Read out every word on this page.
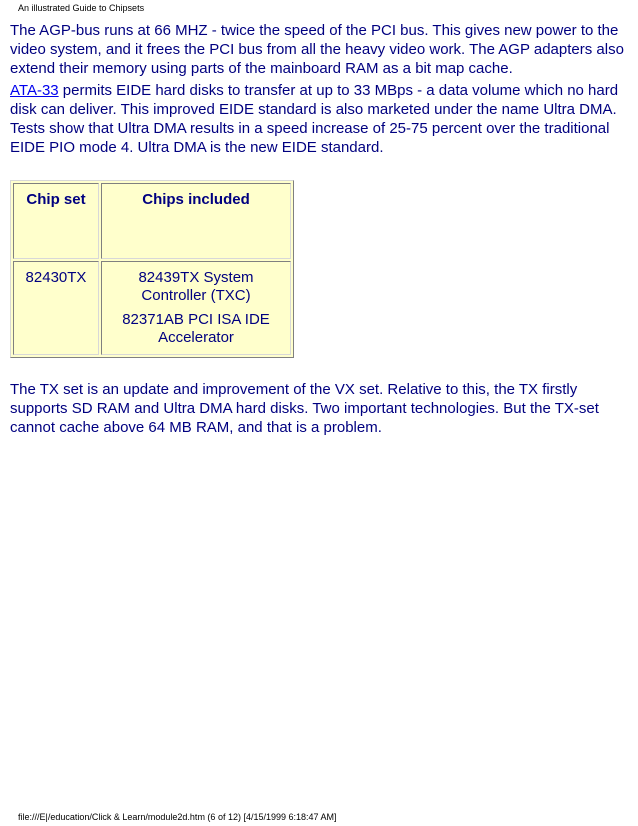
An illustrated Guide to Chipsets

The AGP-bus runs at 66 MHZ - twice the speed of the PCI bus. This gives new power to the video system, and it frees the PCI bus from all the heavy video work. The AGP adapters also extend their memory using parts of the mainboard RAM as a bit map cache.

ATA-33 permits EIDE hard disks to transfer at up to 33 MBps - a data volume which no hard disk can deliver. This improved EIDE standard is also marketed under the name Ultra DMA. Tests show that Ultra DMA results in a speed increase of 25-75 percent over the traditional EIDE PIO mode 4. Ultra DMA is the new EIDE standard.

Chip set	Chips included
82430TX	82439TX System Controller (TXC)
82371AB PCI ISA IDE Accelerator

The TX set is an update and improvement of the VX set. Relative to this, the TX firstly supports SD RAM and Ultra DMA hard disks. Two important technologies. But the TX-set cannot cache above 64 MB RAM, and that is a problem.

file:///E|/education/Click & Learn/module2d.htm (6 of 12) [4/15/1999 6:18:47 AM]
